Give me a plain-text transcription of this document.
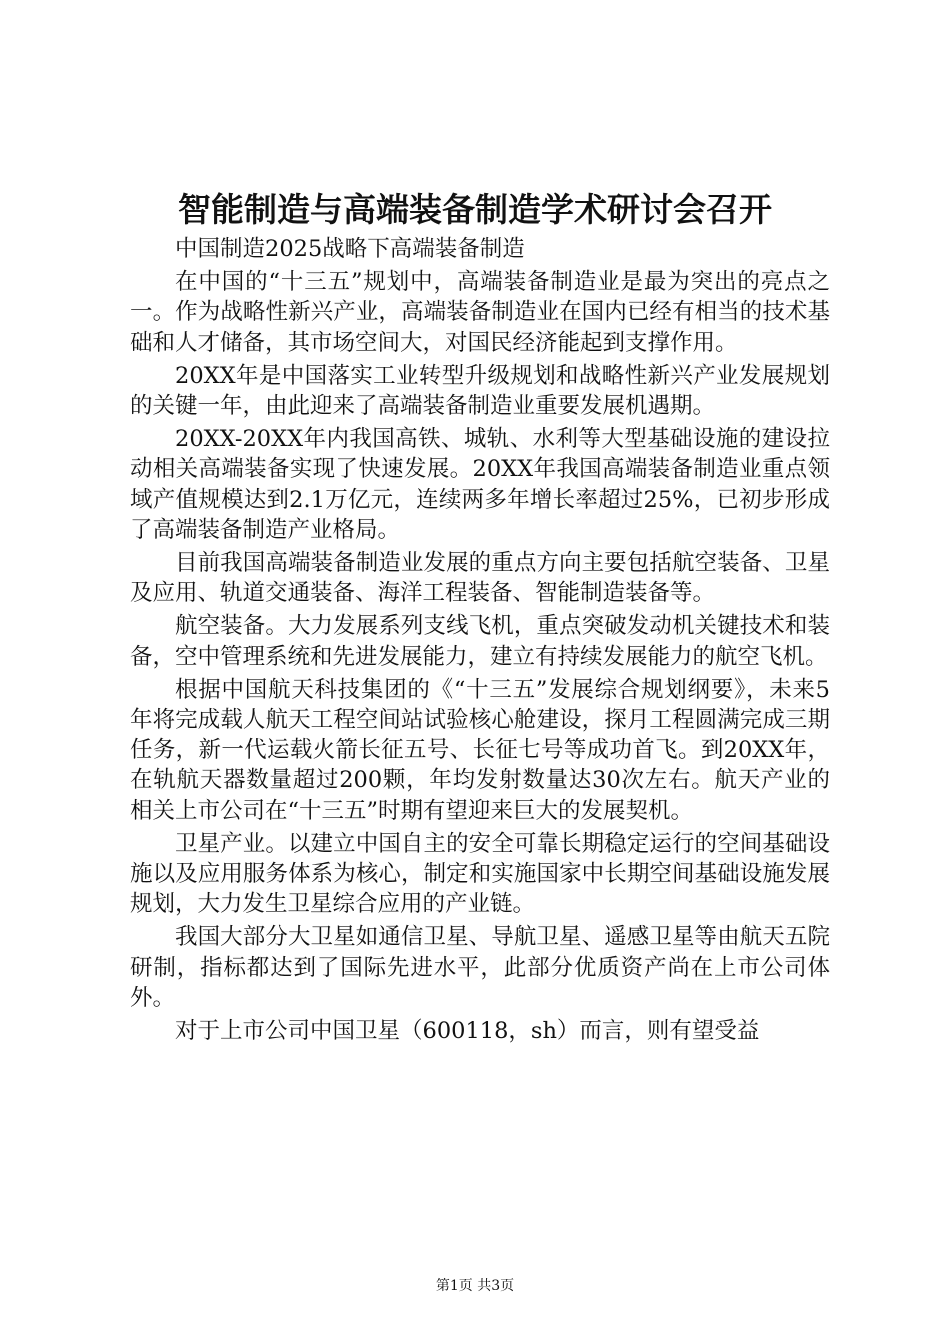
智能制造与高端装备制造学术研讨会召开

中国制造2025战略下高端装备制造

在中国的“十三五”规划中，高端装备制造业是最为突出的亮点之一。作为战略性新兴产业，高端装备制造业在国内已经有相当的技术基础和人才储备，其市场空间大，对国民经济能起到支撑作用。

20XX年是中国落实工业转型升级规划和战略性新兴产业发展规划的关键一年，由此迎来了高端装备制造业重要发展机遇期。

20XX-20XX年内我国高铁、城轨、水利等大型基础设施的建设拉动相关高端装备实现了快速发展。20XX年我国高端装备制造业重点领域产值规模达到2.1万亿元，连续两多年增长率超过25%，已初步形成了高端装备制造产业格局。

目前我国高端装备制造业发展的重点方向主要包括航空装备、卫星及应用、轨道交通装备、海洋工程装备、智能制造装备等。

航空装备。大力发展系列支线飞机，重点突破发动机关键技术和装备，空中管理系统和先进发展能力，建立有持续发展能力的航空飞机。

根据中国航天科技集团的《“十三五”发展综合规划纲要》，未来5年将完成载人航天工程空间站试验核心舱建设，探月工程圆满完成三期任务，新一代运载火箭长征五号、长征七号等成功首飞。到20XX年，在轨航天器数量超过200颗，年均发射数量达30次左右。航天产业的相关上市公司在“十三五”时期有望迎来巨大的发展契机。

卫星产业。以建立中国自主的安全可靠长期稳定运行的空间基础设施以及应用服务体系为核心，制定和实施国家中长期空间基础设施发展规划，大力发生卫星综合应用的产业链。

我国大部分大卫星如通信卫星、导航卫星、遥感卫星等由航天五院研制，指标都达到了国际先进水平，此部分优质资产尚在上市公司体外。

对于上市公司中国卫星（600118，sh）而言，则有望受益

第1页 共3页
